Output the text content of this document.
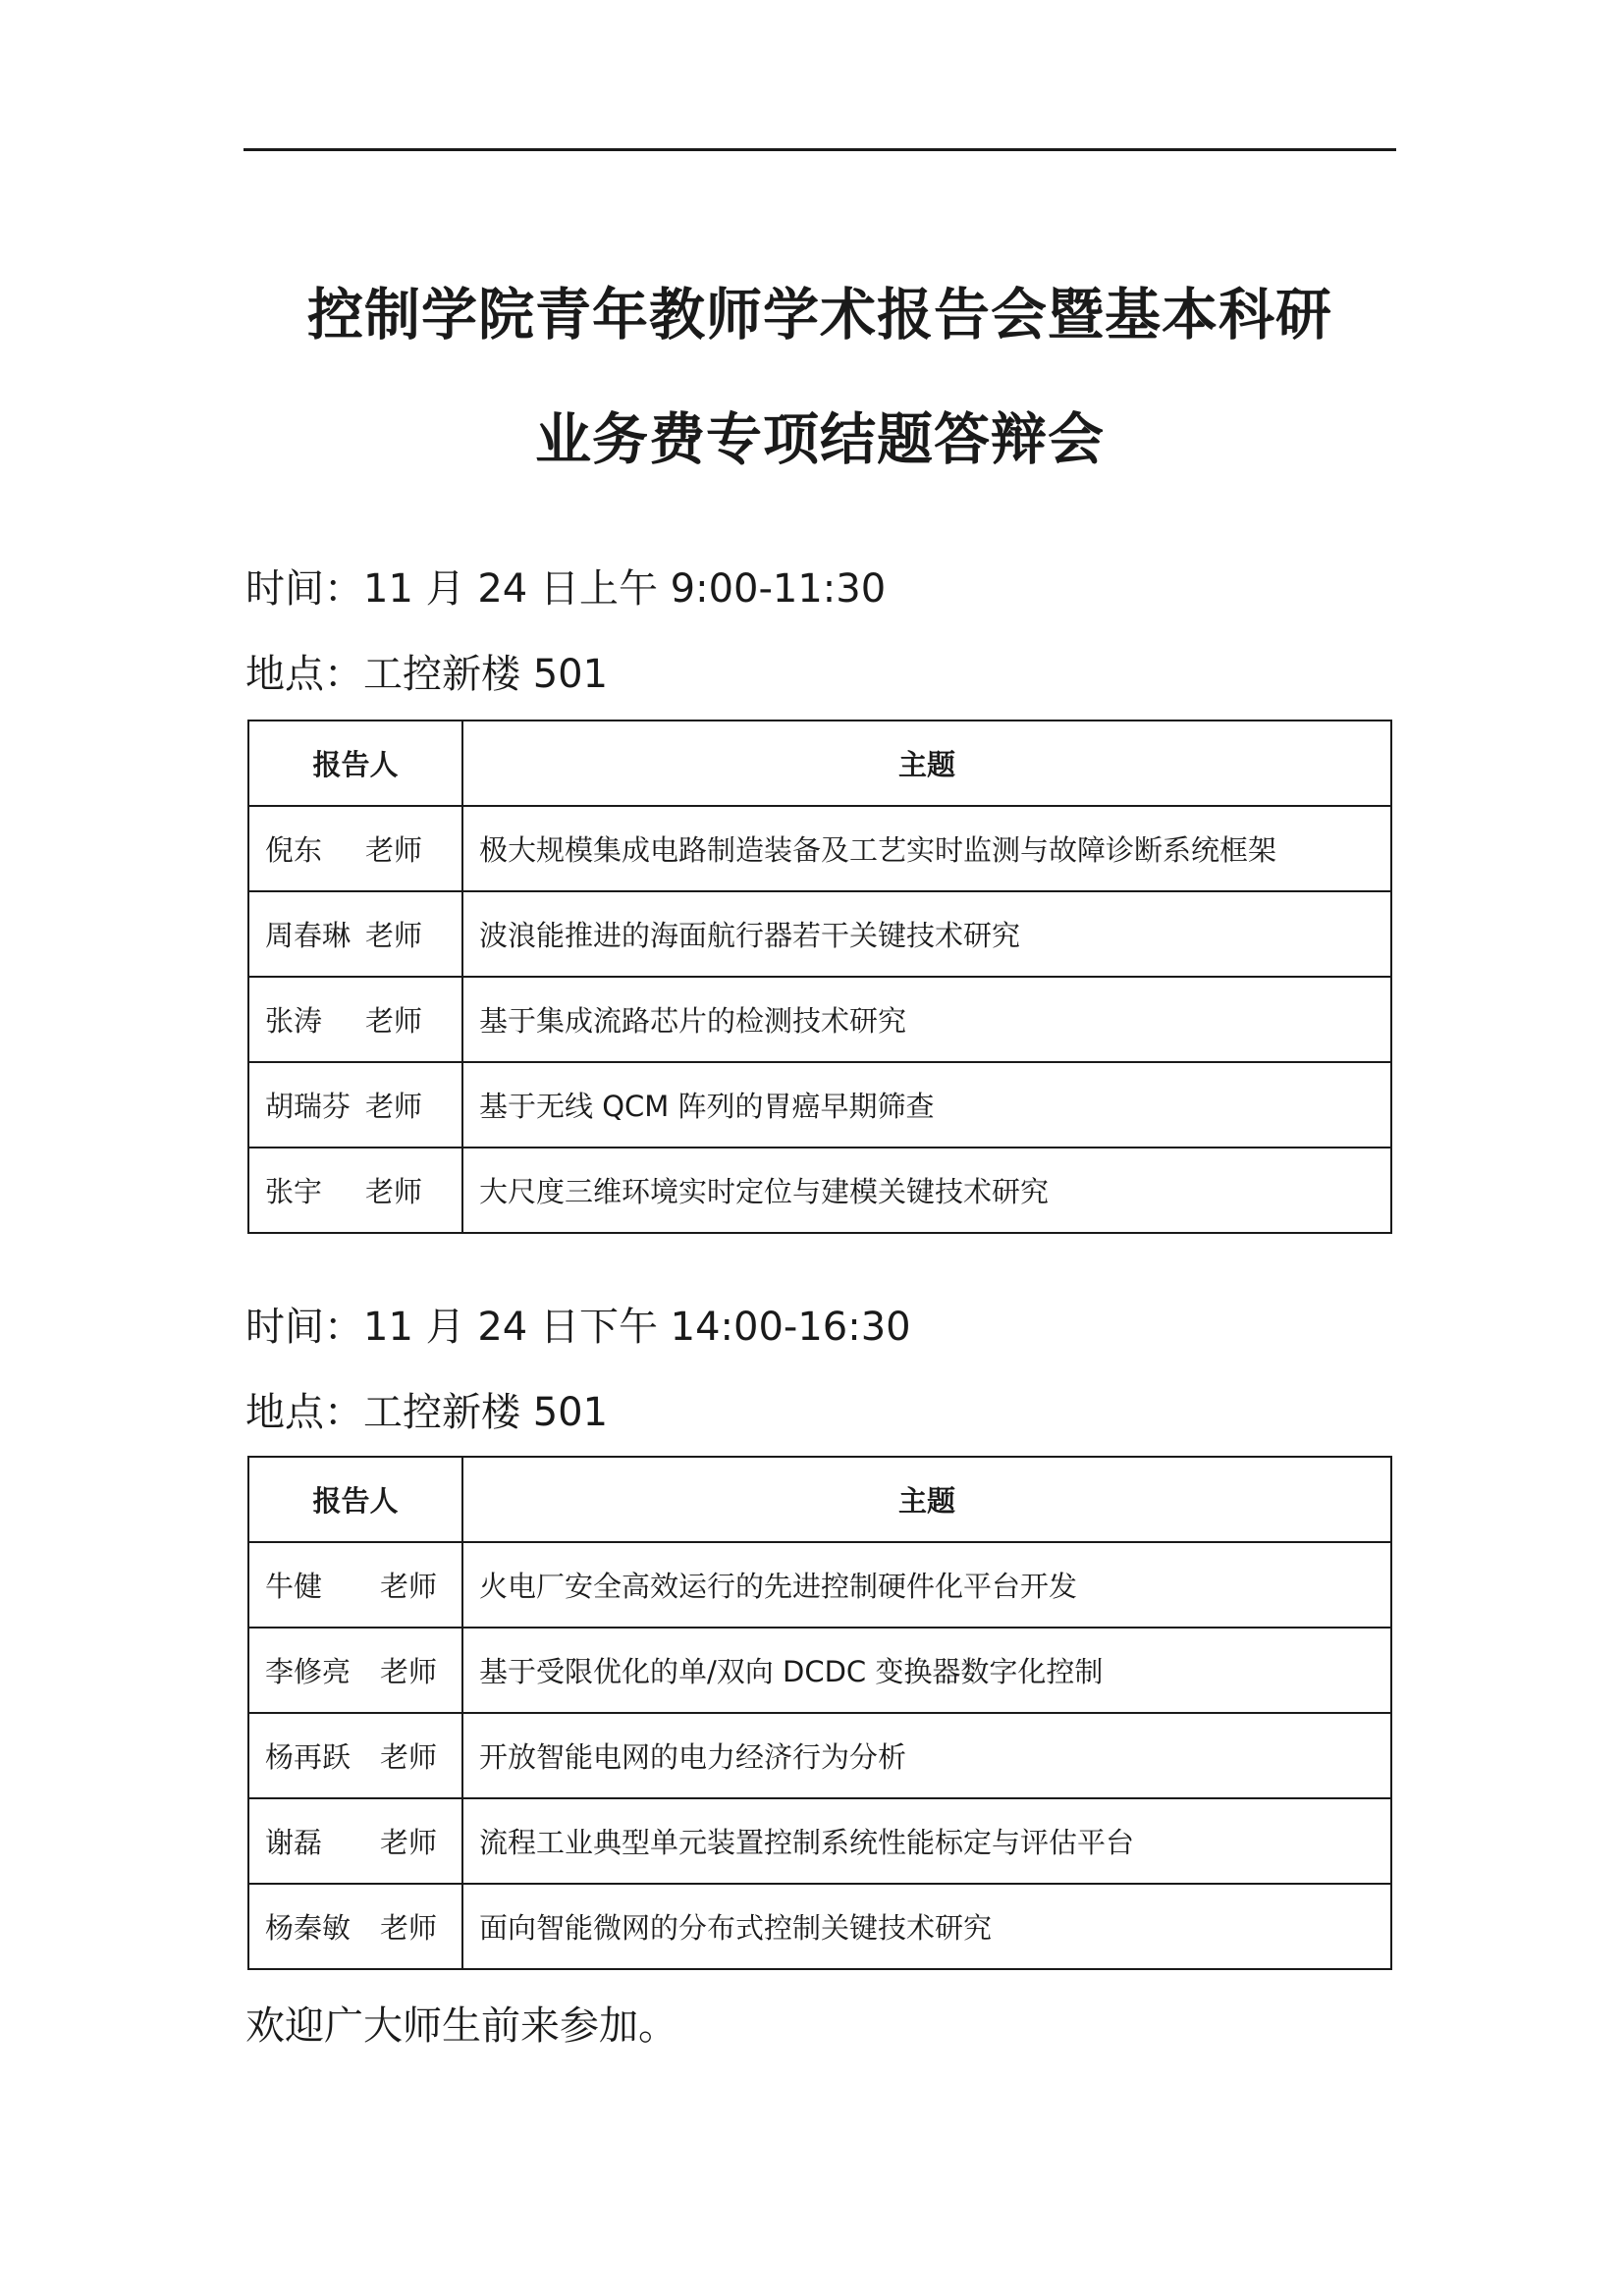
控制学院青年教师学术报告会暨基本科研
业务费专项结题答辩会
时间：11 月 24 日上午 9:00-11:30
地点：工控新楼 501
报告人	主题
倪东 老师	极大规模集成电路制造装备及工艺实时监测与故障诊断系统框架
周春琳 老师	波浪能推进的海面航行器若干关键技术研究
张涛 老师	基于集成流路芯片的检测技术研究
胡瑞芬 老师	基于无线 QCM 阵列的胃癌早期筛查
张宇 老师	大尺度三维环境实时定位与建模关键技术研究
时间：11 月 24 日下午 14:00-16:30
地点：工控新楼 501
报告人	主题
牛健 老师	火电厂安全高效运行的先进控制硬件化平台开发
李修亮 老师	基于受限优化的单/双向 DCDC 变换器数字化控制
杨再跃 老师	开放智能电网的电力经济行为分析
谢磊 老师	流程工业典型单元装置控制系统性能标定与评估平台
杨秦敏 老师	面向智能微网的分布式控制关键技术研究
欢迎广大师生前来参加。
